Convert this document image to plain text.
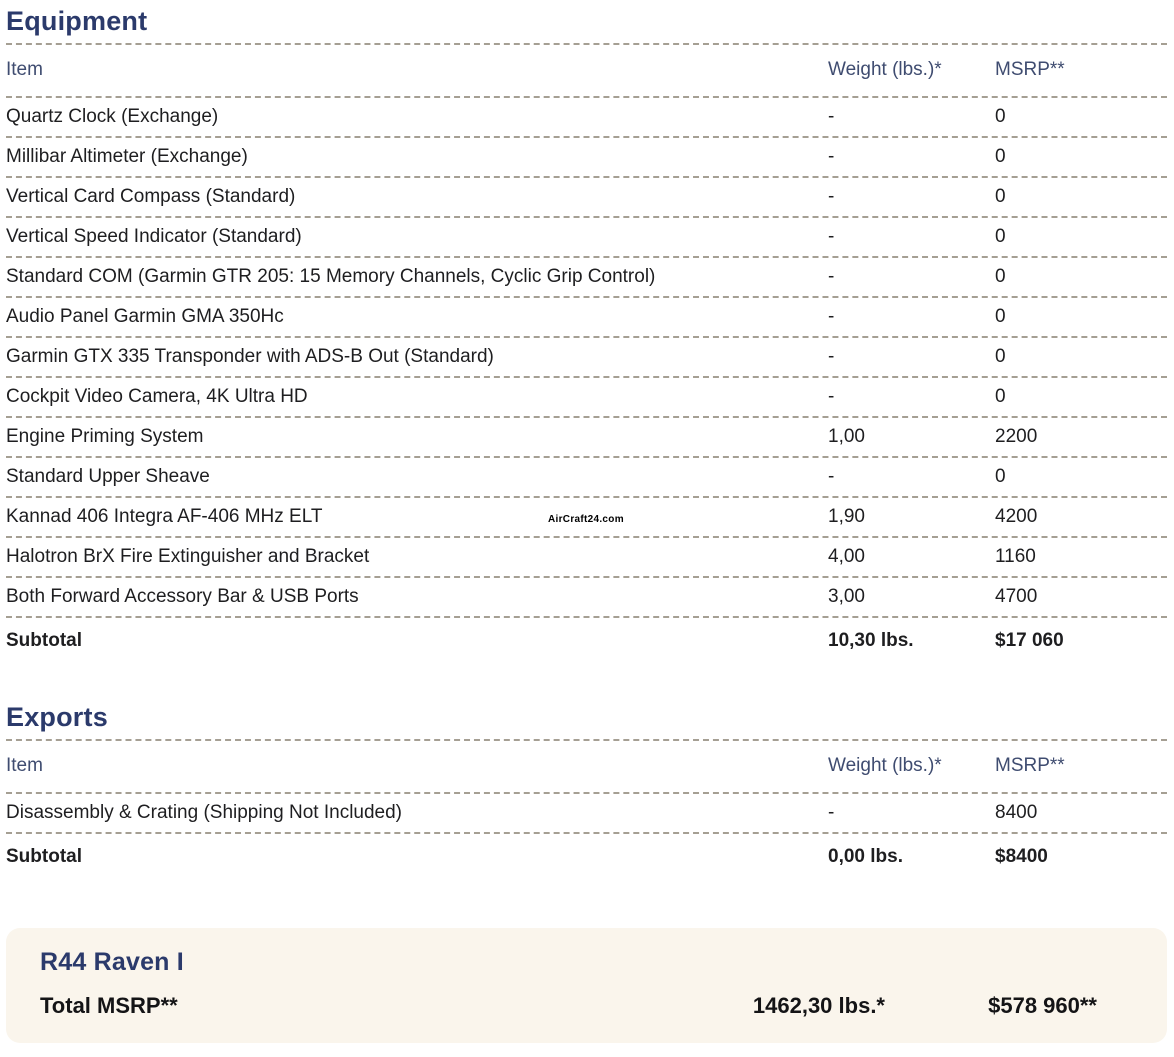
Equipment
Item	Weight (lbs.)*	MSRP**
Quartz Clock (Exchange)	-	0
Millibar Altimeter (Exchange)	-	0
Vertical Card Compass (Standard)	-	0
Vertical Speed Indicator (Standard)	-	0
Standard COM (Garmin GTR 205: 15 Memory Channels, Cyclic Grip Control)	-	0
Audio Panel Garmin GMA 350Hc	-	0
Garmin GTX 335 Transponder with ADS-B Out (Standard)	-	0
Cockpit Video Camera, 4K Ultra HD	-	0
Engine Priming System	1,00	2200
Standard Upper Sheave	-	0
Kannad 406 Integra AF-406 MHz ELT	1,90	4200
Halotron BrX Fire Extinguisher and Bracket	4,00	1160
Both Forward Accessory Bar & USB Ports	3,00	4700
Subtotal	10,30 lbs.	$17 060
Exports
Item	Weight (lbs.)*	MSRP**
Disassembly & Crating (Shipping Not Included)	-	8400
Subtotal	0,00 lbs.	$8400
R44 Raven I
Total MSRP**	1462,30 lbs.*	$578 960**
AirCraft24.com
